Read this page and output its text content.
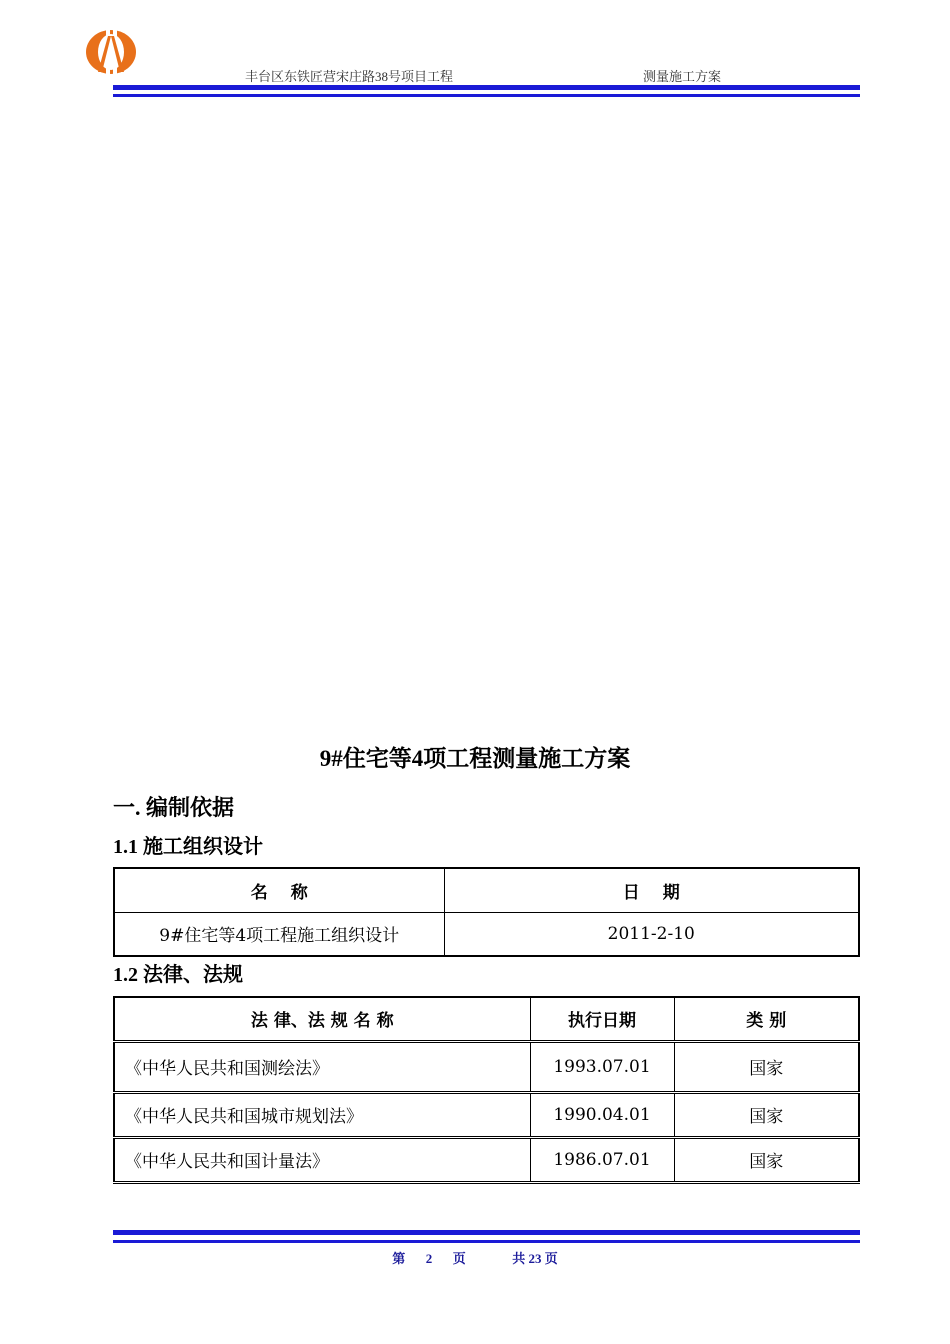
丰台区东铁匠营宋庄路38号项目工程	测量施工方案
9#住宅等4项工程测量施工方案
一. 编制依据
1.1 施工组织设计
名　 称	日　 期
9#住宅等4项工程施工组织设计	2011-2-10
1.2 法律、法规
法 律、法 规 名 称	执行日期	类 别
《中华人民共和国测绘法》	1993.07.01	国家
《中华人民共和国城市规划法》	1990.04.01	国家
《中华人民共和国计量法》	1986.07.01	国家
第 2 页	共 23 页
